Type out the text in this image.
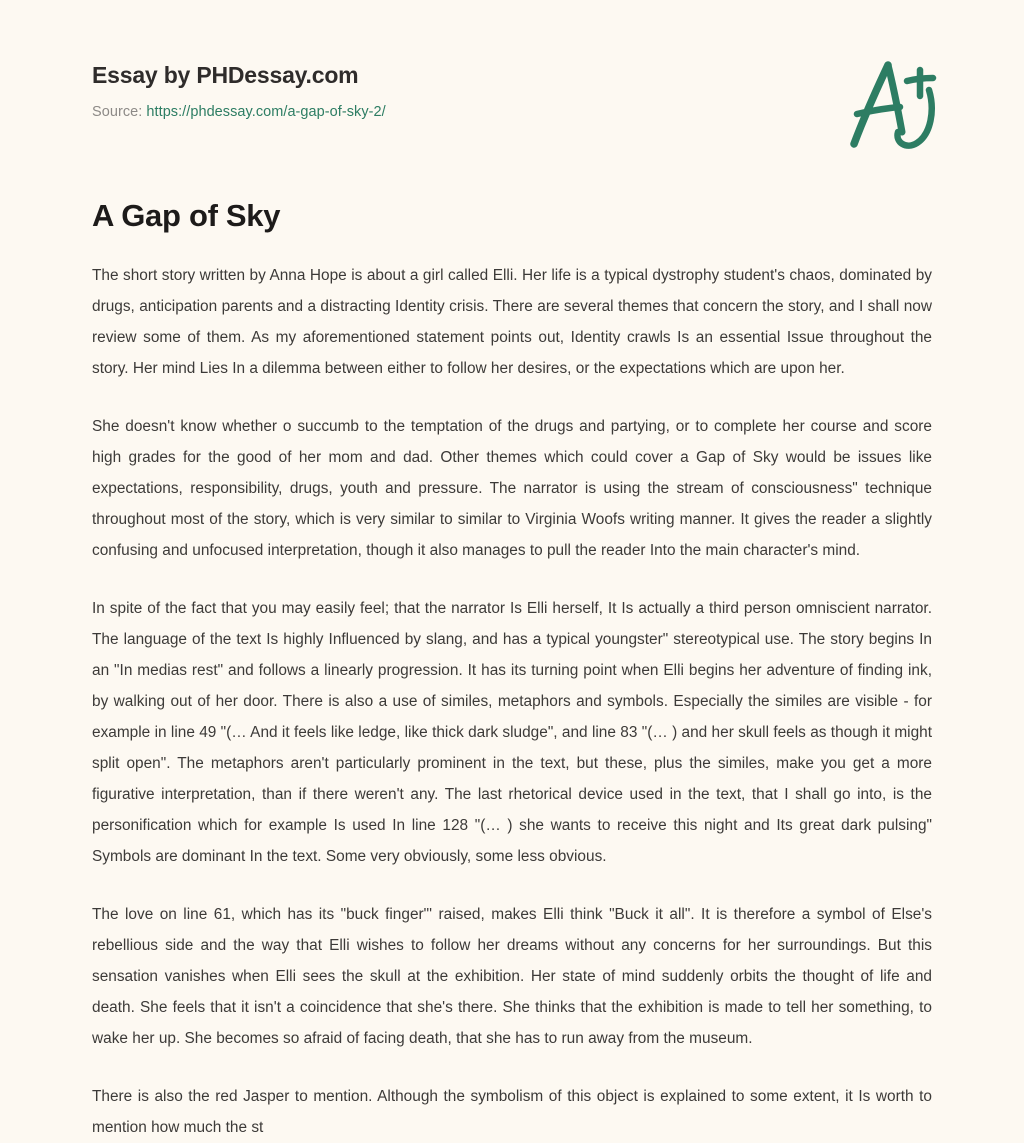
Essay by PHDessay.com
Source: https://phdessay.com/a-gap-of-sky-2/
A Gap of Sky

The short story written by Anna Hope is about a girl called Elli. Her life is a typical dystrophy student's chaos, dominated by drugs, anticipation parents and a distracting Identity crisis. There are several themes that concern the story, and I shall now review some of them. As my aforementioned statement points out, Identity crawls Is an essential Issue throughout the story. Her mind Lies In a dilemma between either to follow her desires, or the expectations which are upon her.

She doesn't know whether o succumb to the temptation of the drugs and partying, or to complete her course and score high grades for the good of her mom and dad. Other themes which could cover a Gap of Sky would be issues like expectations, responsibility, drugs, youth and pressure. The narrator is using the stream of consciousness" technique throughout most of the story, which is very similar to similar to Virginia Woofs writing manner. It gives the reader a slightly confusing and unfocused interpretation, though it also manages to pull the reader Into the main character's mind.

In spite of the fact that you may easily feel; that the narrator Is Elli herself, It Is actually a third person omniscient narrator. The language of the text Is highly Influenced by slang, and has a typical youngster" stereotypical use. The story begins In an "In medias rest" and follows a linearly progression. It has its turning point when Elli begins her adventure of finding ink, by walking out of her door. There is also a use of similes, metaphors and symbols. Especially the similes are visible - for example in line 49 "(… And it feels like ledge, like thick dark sludge", and line 83 "(… ) and her skull feels as though it might split open". The metaphors aren't particularly prominent in the text, but these, plus the similes, make you get a more figurative interpretation, than if there weren't any. The last rhetorical device used in the text, that I shall go into, is the personification which for example Is used In line 128 "(… ) she wants to receive this night and Its great dark pulsing" Symbols are dominant In the text. Some very obviously, some less obvious.

The love on line 61, which has its "buck finger"' raised, makes Elli think "Buck it all". It is therefore a symbol of Else's rebellious side and the way that Elli wishes to follow her dreams without any concerns for her surroundings. But this sensation vanishes when Elli sees the skull at the exhibition. Her state of mind suddenly orbits the thought of life and death. She feels that it isn't a coincidence that she's there. She thinks that the exhibition is made to tell her something, to wake her up. She becomes so afraid of facing death, that she has to run away from the museum.

There is also the red Jasper to mention. Although the symbolism of this object is explained to some extent, it Is worth to mention how much the st
